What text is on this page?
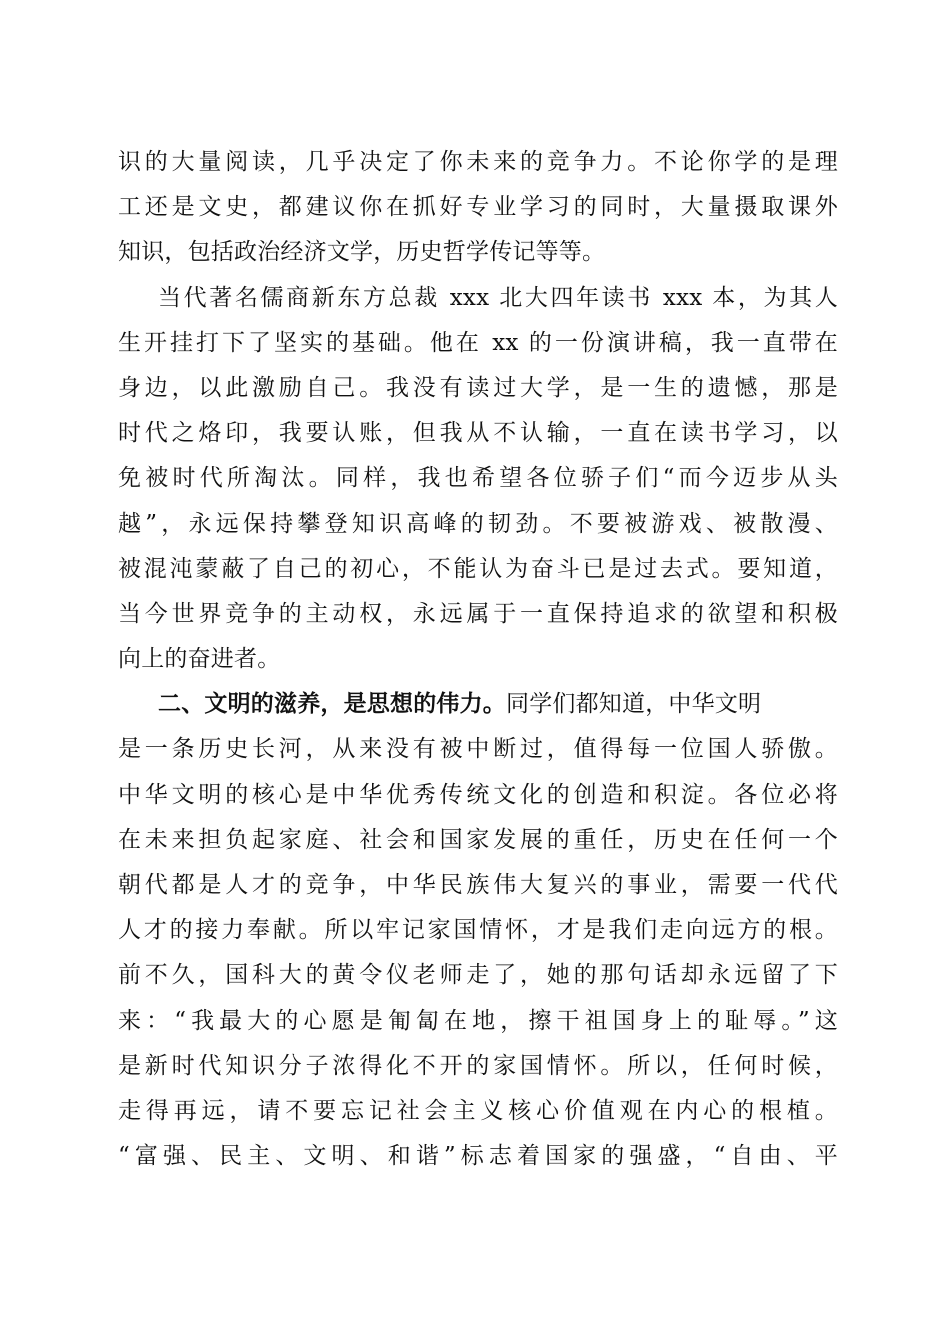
识的大量阅读，几乎决定了你未来的竞争力。不论你学的是理
工还是文史，都建议你在抓好专业学习的同时，大量摄取课外
知识，包括政治经济文学，历史哲学传记等等。
当代著名儒商新东方总裁 xxx 北大四年读书 xxx 本，为其人
生开挂打下了坚实的基础。他在 xx 的一份演讲稿，我一直带在
身边，以此激励自己。我没有读过大学，是一生的遗憾，那是
时代之烙印，我要认账，但我从不认输，一直在读书学习，以
免被时代所淘汰。同样，我也希望各位骄子们“而今迈步从头
越”，永远保持攀登知识高峰的韧劲。不要被游戏、被散漫、
被混沌蒙蔽了自己的初心，不能认为奋斗已是过去式。要知道，
当今世界竞争的主动权，永远属于一直保持追求的欲望和积极
向上的奋进者。
二、文明的滋养，是思想的伟力。同学们都知道，中华文明
是一条历史长河，从来没有被中断过，值得每一位国人骄傲。
中华文明的核心是中华优秀传统文化的创造和积淀。各位必将
在未来担负起家庭、社会和国家发展的重任，历史在任何一个
朝代都是人才的竞争，中华民族伟大复兴的事业，需要一代代
人才的接力奉献。所以牢记家国情怀，才是我们走向远方的根。
前不久，国科大的黄令仪老师走了，她的那句话却永远留了下
来：“我最大的心愿是匍匐在地，擦干祖国身上的耻辱。”这
是新时代知识分子浓得化不开的家国情怀。所以，任何时候，
走得再远，请不要忘记社会主义核心价值观在内心的根植。
“富强、民主、文明、和谐”标志着国家的强盛，“自由、平
